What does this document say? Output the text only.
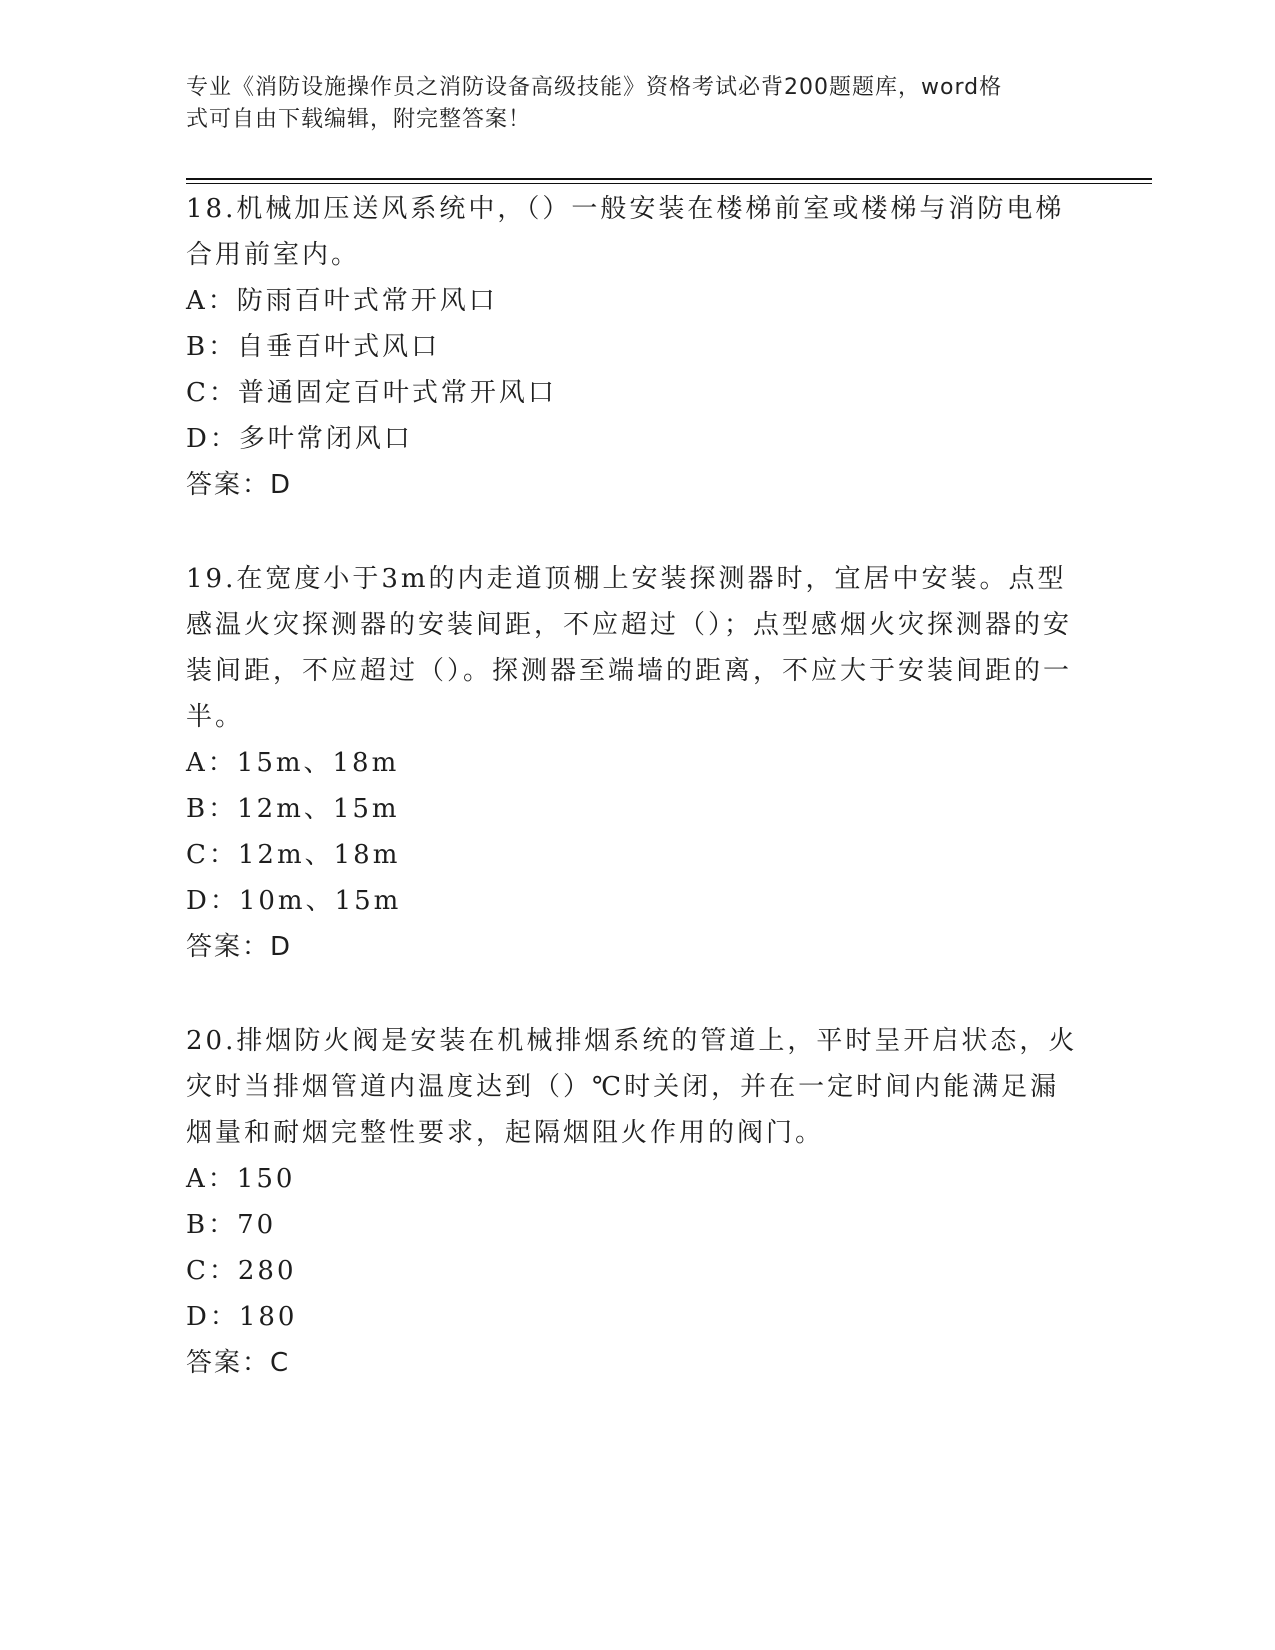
专业《消防设施操作员之消防设备高级技能》资格考试必背200题题库，word格
式可自由下载编辑，附完整答案！

18.机械加压送风系统中，（）一般安装在楼梯前室或楼梯与消防电梯合用前室内。

A：防雨百叶式常开风口

B：自垂百叶式风口

C：普通固定百叶式常开风口

D：多叶常闭风口

答案：D

19.在宽度小于3m的内走道顶棚上安装探测器时，宜居中安装。点型感温火灾探测器的安装间距，不应超过（）；点型感烟火灾探测器的安装间距，不应超过（）。探测器至端墙的距离，不应大于安装间距的一半。

A：15m、18m

B：12m、15m

C：12m、18m

D：10m、15m

答案：D

20.排烟防火阀是安装在机械排烟系统的管道上，平时呈开启状态，火灾时当排烟管道内温度达到（）℃时关闭，并在一定时间内能满足漏烟量和耐烟完整性要求，起隔烟阻火作用的阀门。

A：150

B：70

C：280

D：180

答案：C
